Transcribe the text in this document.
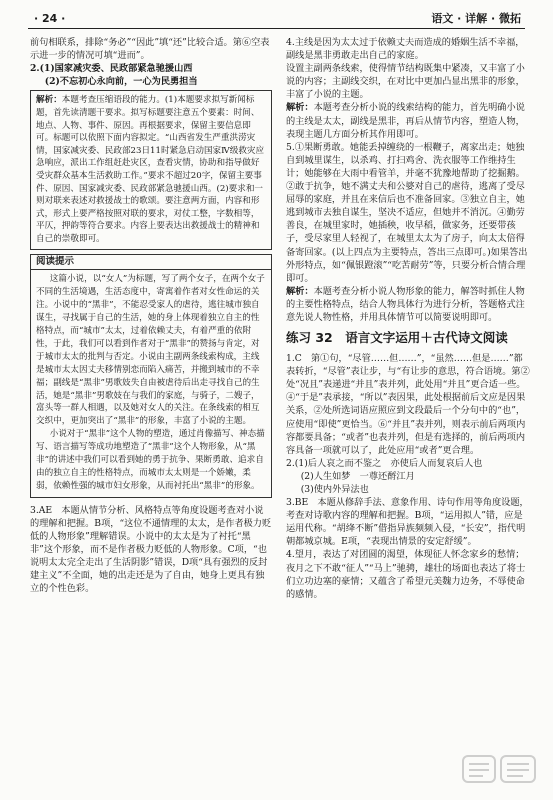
· 24 ·	语文 · 详解 · 微拓

前句相联系，排除“务必”“因此”填“还”比较合适。第⑥空表示进一步的情况可填“进而”。

2.(1)国家减灾委、民政部紧急驰援山西

(2)不忘初心永向前，一心为民勇担当

解析：本题考查压缩语段的能力。(1)本题要求拟写新闻标题，首先读清题干要求。拟写标题要注意五个要素：时间、地点、人物、事件、原因。再根据要求，保留主要信息即可。标题可以依照下面内容拟定。“山西省发生严重洪涝灾情，国家减灾委、民政部23日11时紧急启动国家Ⅳ级救灾应急响应，派出工作组赶赴灾区，查看灾情，协助和指导做好受灾群众基本生活救助工作。”要求不超过20字，保留主要事件、原因、国家减灾委、民政部紧急驰援山西。(2)要求和一则对联来表述对救援战士的歌颂。要注意两方面，内容和形式，形式上要严格按照对联的要求，对仗工整，字数相等，平仄，押韵等符合要求。内容上要表达出救援战士的精神和自己的崇敬即可。
阅读提示

这篇小说，以“女人”为标题，写了两个女子，在两个女子不同的生活境遇，生活态度中，寄寓着作者对女性命运的关注。小说中的“黑非”，不能忍受家人的虐待，逃往城市独自谋生，寻找属于自己的生活，她的身上体现着独立自主的性格特点，而“城市”太太，过着依赖丈夫，有着严重的依附性，于此，我们可以看到作者对于“黑非”的赞扬与肯定，对于城市太太的批判与否定。小说由主副两条线索构成，主线是城市太太因丈夫移情别恋而陷入痛苦，并搬到城市的不幸福；副线是“黑非”男歌妓失自由被虐待后出走寻找自己的生活，她是“黑非”男歌妓在与我们的家庭，与骑子，二嫂子，富头等一群人相遇，以及她对女人的关注。在条线索的相互交织中，更加突出了“黑非”的形象，丰富了小说的主题。

小说对于“黑非”这个人物的塑造，通过肖像描写、神态描写、语言描写等成功地塑造了“黑非”这个人物形象，从“黑非”的讲述中我们可以看到她的勇于抗争、果断勇敢、追求自由的独立自主的性格特点，而城市太太则是一个娇嫩，柔弱，依赖性强的城市妇女形象，从而衬托出“黑非”的形象。

3.AE　本题从情节分析、风格特点等角度设题考查对小说的理解和把握。B项，“这位不通情理的太太，是作者极力贬低的人物形象”理解错误。小说中的太太是为了衬托“黑非”这个形象，而不是作者极力贬低的人物形象。C项，“也说明太太完全走出了生活阴影”错误，D项“具有强烈的反封建主义”不全面，她的出走还是为了自由，她身上更具有独立的个性色彩。

4.主线是因为太太过于依赖丈夫而造成的婚姻生活不幸福，副线是黑非勇敢走出自己的家庭。

设置主副两条线索，使得情节结构既集中紧凑，又丰富了小说的内容；主副线交织，在对比中更加凸显出黑非的形象，丰富了小说的主题。

解析：本题考查分析小说的线索结构的能力，首先明确小说的主线是太太，副线是黑非，再后从情节内容，塑造人物，表现主题几方面分析其作用即可。

5.①果断勇敢。她能丢掉缠绕的一根鞭子，离家出走；她独自到城里谋生，以杀鸡、打扫鸡舍、洗衣服等工作维持生计；她能够在大雨中看管羊，并毫不犹豫地帮助了挖掘鹅。②敢于抗争，她不满丈夫和公婆对自己的虐待，逃离了受尽屈辱的家庭，并且在来信后也不准备回家。③独立自主，她逃到城市去独自谋生，坚决不适应，但她并不消沉。④勤劳善良，在城里家时，她插秧，收早稻，做家务，还要带孩子，受尽家里人轻视了，在城里太太为了房子，向太太倍得备寄回家。(以上四点为主要特点，答出三点即可。)如果答出外形特点，如“佩银蹬滚”“吃苦耐劳”等，只要分析合情合理即可。

解析：本题考查分析小说人物形象的能力，解答时抓住人物的主要性格特点，结合人物具体行为进行分析，答题格式注意先说人物性格，并用具体情节可以简要说明即可。

练习 32　语言文字运用＋古代诗文阅读

1.C　第①句，“尽管……但……”，“虽然……但是……”都表转折，“尽管”表让步，与“有让步的意思，符合语境。第②处“况且”表递进“并且”表并列，此处用“并且”更合适一些。④“于是”表承接，“所以”表因果，此处根据前后文应是因果关系，②处所选词语应照应到文段最后一个分句中的“也”，应使用“即使”更恰当。⑥“并且”表并列，则表示前后两项内容都要具备；“或者”也表并列，但是有选择的，前后两项内容具备一项就可以了，此处应用“或者”更合理。

2.(1)后人哀之而不鉴之　亦使后人而复哀后人也

(2)人生如梦　一尊还酹江月

(3)使内外异法也

3.BE　本题从修辞手法、意象作用、诗句作用等角度设题，考查对诗歌内容的理解和把握。B项，“运用拟人”错，应是运用代称。“胡绛不断”借指异族频频入侵，“长安”，指代明朝都城京城。E项，“表现出情景的安定舒缓”。

4.望月，表达了对团圆的渴望，体现征人怀念家乡的愁情；夜月之下不敢“征人”“马上”驰骋，雄壮的场面也表达了将士们立功边塞的豪情；又蕴含了希望元美魏力边务，不辱使命的感情。
